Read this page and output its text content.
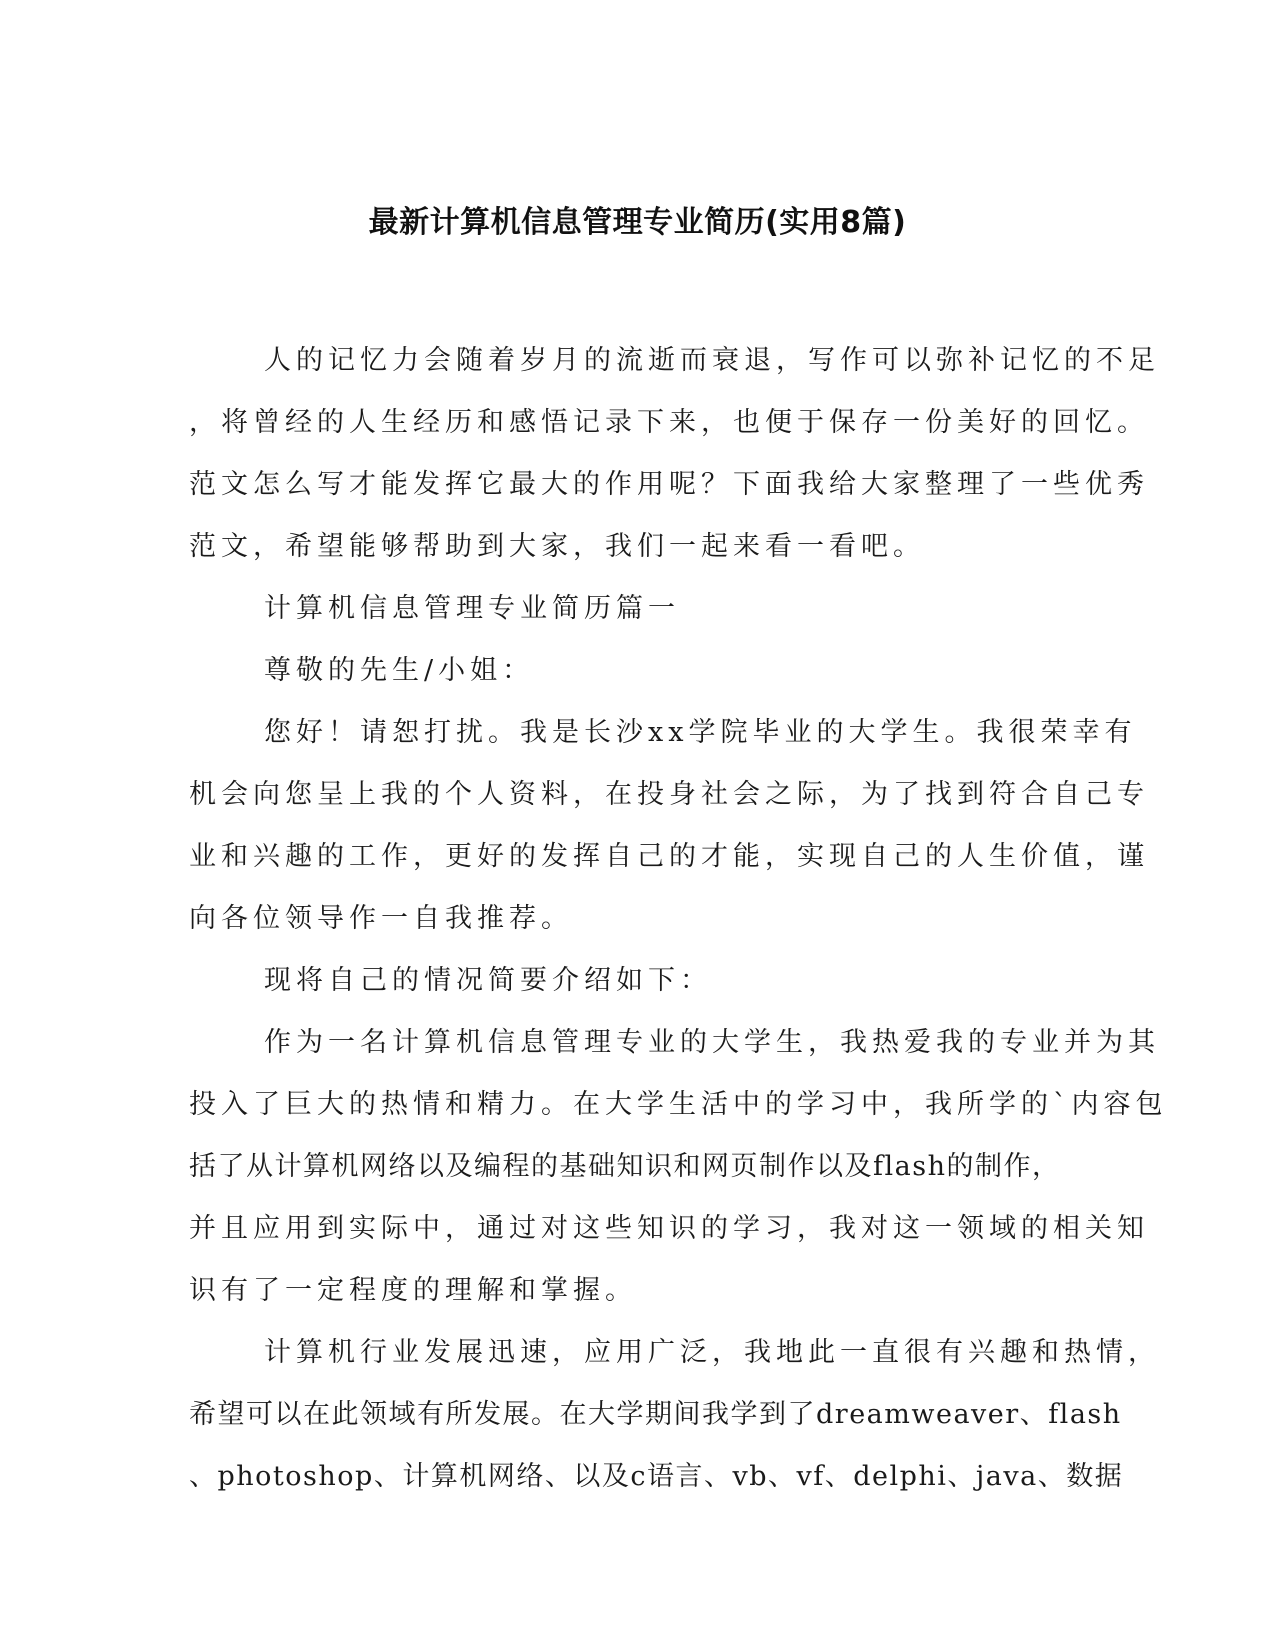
最新计算机信息管理专业简历(实用8篇)
人的记忆力会随着岁月的流逝而衰退，写作可以弥补记忆的不足
，将曾经的人生经历和感悟记录下来，也便于保存一份美好的回忆。
范文怎么写才能发挥它最大的作用呢？下面我给大家整理了一些优秀
范文，希望能够帮助到大家，我们一起来看一看吧。
计算机信息管理专业简历篇一
尊敬的先生/小姐：
您好！请恕打扰。我是长沙xx学院毕业的大学生。我很荣幸有
机会向您呈上我的个人资料，在投身社会之际，为了找到符合自己专
业和兴趣的工作，更好的发挥自己的才能，实现自己的人生价值，谨
向各位领导作一自我推荐。
现将自己的情况简要介绍如下：
作为一名计算机信息管理专业的大学生，我热爱我的专业并为其
投入了巨大的热情和精力。在大学生活中的学习中，我所学的`内容包
括了从计算机网络以及编程的基础知识和网页制作以及flash的制作，
并且应用到实际中，通过对这些知识的学习，我对这一领域的相关知
识有了一定程度的理解和掌握。
计算机行业发展迅速，应用广泛，我地此一直很有兴趣和热情，
希望可以在此领域有所发展。在大学期间我学到了dreamweaver、flash
、photoshop、计算机网络、以及c语言、vb、vf、delphi、java、数据
